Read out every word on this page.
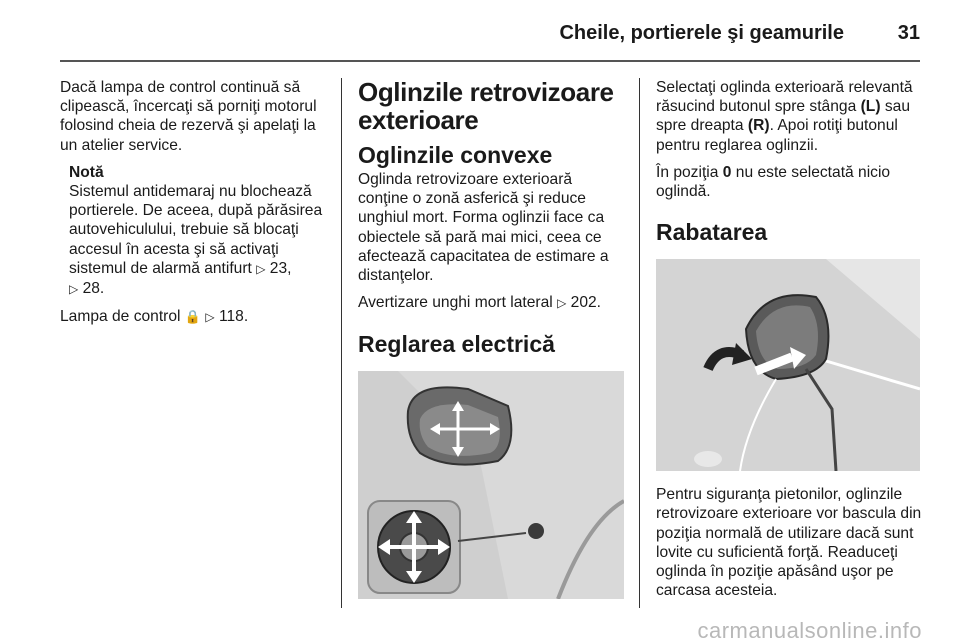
Cheile, portierele şi geamurile	31

Dacă lampa de control continuă să clipească, încercaţi să porniţi motorul folosind cheia de rezervă şi apelaţi la un atelier service.

Notă
Sistemul antidemaraj nu blochează portierele. De aceea, după părăsirea autovehiculului, trebuie să blocaţi accesul în acesta şi să activaţi sistemul de alarmă antifurt ▷ 23,
▷ 28.

Lampa de control 🔒 ▷ 118.

Oglinzile retrovizoare exterioare
Oglinzile convexe

Oglinda retrovizoare exterioară conţine o zonă asferică şi reduce unghiul mort. Forma oglinzii face ca obiectele să pară mai mici, ceea ce afectează capacitatea de estimare a distanţelor.

Avertizare unghi mort lateral ▷ 202.

Reglarea electrică

Selectaţi oglinda exterioară relevantă răsucind butonul spre stânga (L) sau spre dreapta (R). Apoi rotiţi butonul pentru reglarea oglinzii.

În poziţia 0 nu este selectată nicio oglindă.

Rabatarea

Pentru siguranţa pietonilor, oglinzile retrovizoare exterioare vor bascula din poziţia normală de utilizare dacă sunt lovite cu suficientă forţă. Readuceţi oglinda în poziţie apăsând uşor pe carcasa acesteia.

carmanualsonline.info
